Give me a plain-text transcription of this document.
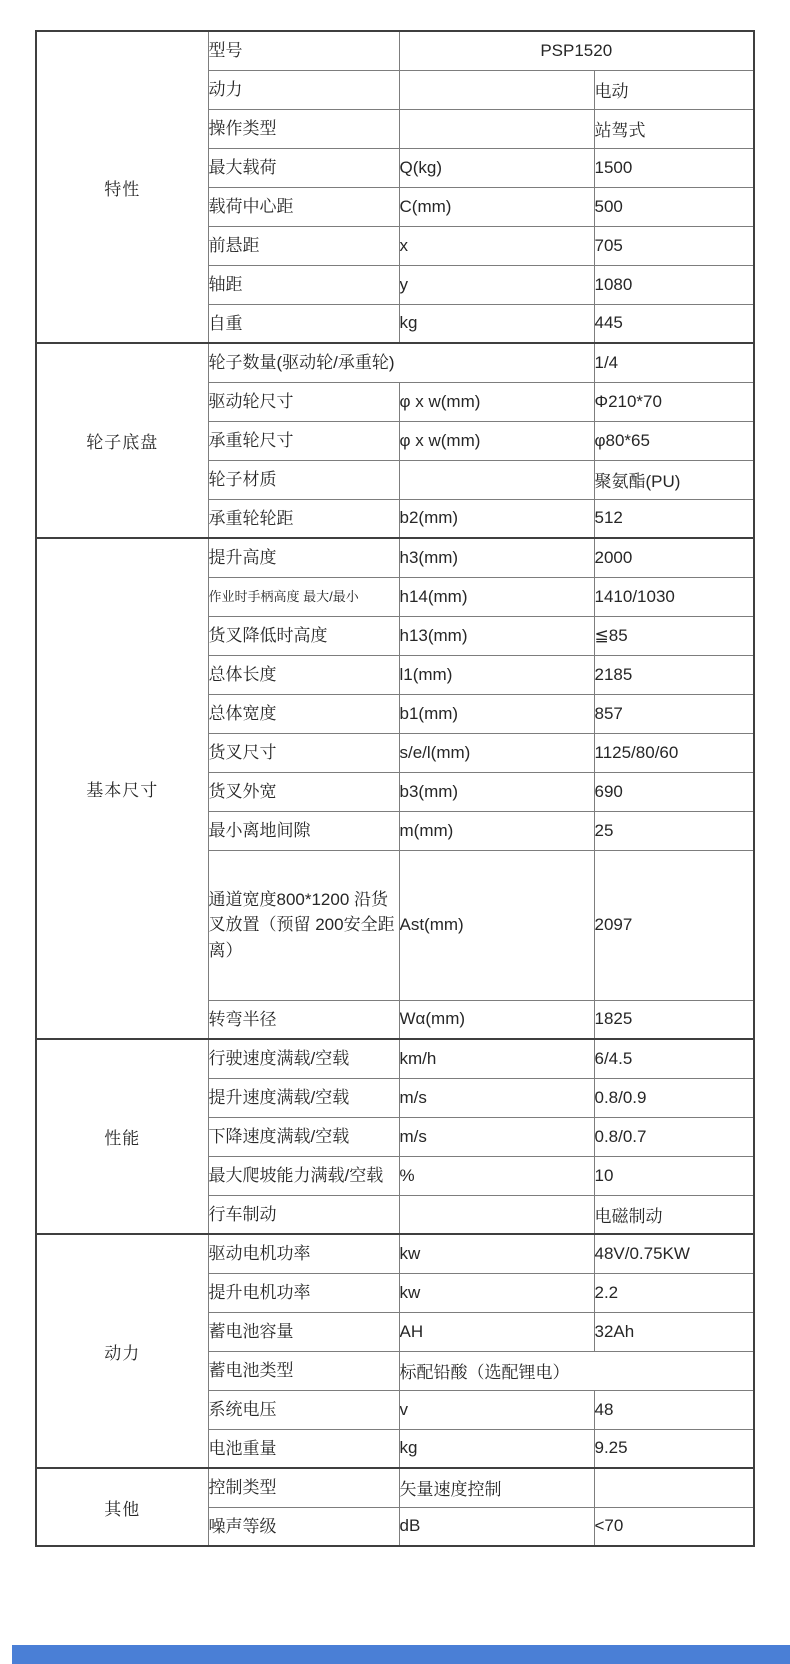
特性	型号	PSP1520	
	动力		电动
	操作类型		站驾式
	最大载荷	Q(kg)	1500
	载荷中心距	C(mm)	500
	前悬距	x	705
	轴距	y	1080
	自重	kg	445
轮子底盘	轮子数量(驱动轮/承重轮)		1/4
	驱动轮尺寸	φ x w(mm)	Φ210*70
	承重轮尺寸	φ x w(mm)	φ80*65
	轮子材质		聚氨酯(PU)
	承重轮轮距	b2(mm)	512
基本尺寸	提升高度	h3(mm)	2000
	作业时手柄高度 最大/最小	h14(mm)	1410/1030
	货叉降低时高度	h13(mm)	≦85
	总体长度	l1(mm)	2185
	总体宽度	b1(mm)	857
	货叉尺寸	s/e/l(mm)	1125/80/60
	货叉外宽	b3(mm)	690
	最小离地间隙	m(mm)	25
	通道宽度800*1200 沿货叉放置（预留 200安全距离）	Ast(mm)	2097
	转弯半径	Wα(mm)	1825
性能	行驶速度满载/空载	km/h	6/4.5
	提升速度满载/空载	m/s	0.8/0.9
	下降速度满载/空载	m/s	0.8/0.7
	最大爬坡能力满载/空载	%	10
	行车制动		电磁制动
动力	驱动电机功率	kw	48V/0.75KW
	提升电机功率	kw	2.2
	蓄电池容量	AH	32Ah
	蓄电池类型	标配铅酸（选配锂电）	
	系统电压	v	48
	电池重量	kg	9.25
其他	控制类型	矢量速度控制	
	噪声等级	dB	<70
